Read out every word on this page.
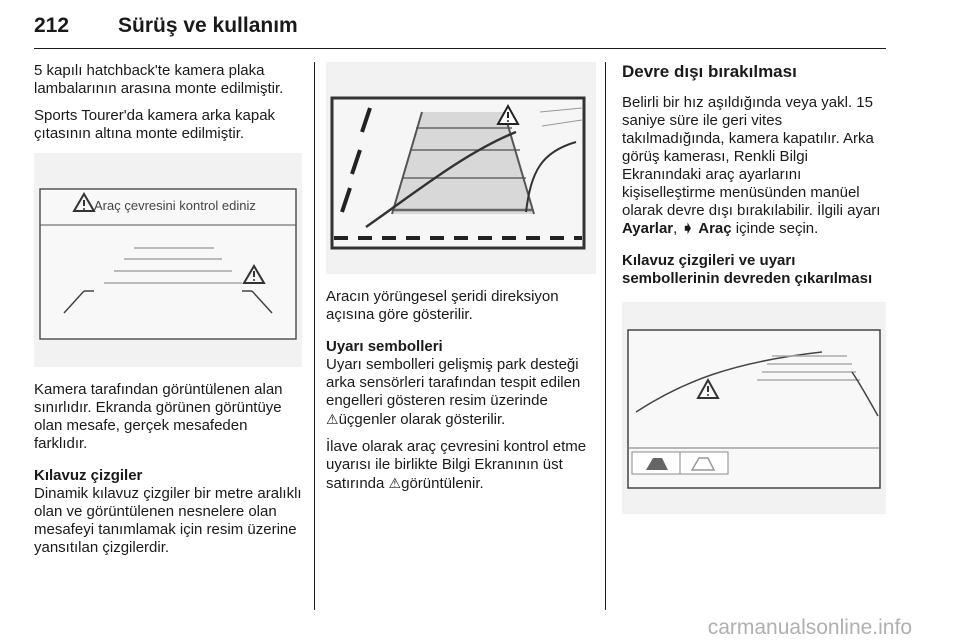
212 Sürüş ve kullanım

5 kapılı hatchback'te kamera plaka lambalarının arasına monte edilmiştir.

Sports Tourer'da kamera arka kapak çıtasının altına monte edilmiştir.

Araç çevresini kontrol ediniz

Kamera tarafından görüntülenen alan sınırlıdır. Ekranda görünen görüntüye olan mesafe, gerçek mesafeden farklıdır.

Kılavuz çizgiler

Dinamik kılavuz çizgiler bir metre aralıklı olan ve görüntülenen nesnelere olan mesafeyi tanımlamak için resim üzerine yansıtılan çizgilerdir.

Aracın yörüngesel şeridi direksiyon açısına göre gösterilir.

Uyarı sembolleri

Uyarı sembolleri gelişmiş park desteği arka sensörleri tarafından tespit edilen engelleri gösteren resim üzerinde ⚠üçgenler olarak gösterilir.

İlave olarak araç çevresini kontrol etme uyarısı ile birlikte Bilgi Ekranının üst satırında ⚠görüntülenir.

Devre dışı bırakılması

Belirli bir hız aşıldığında veya yakl. 15 saniye süre ile geri vites takılmadığında, kamera kapatılır. Arka görüş kamerası, Renkli Bilgi Ekranındaki araç ayarlarını kişiselleştirme menüsünden manüel olarak devre dışı bırakılabilir. İlgili ayarı Ayarlar, ➧ Araç içinde seçin.

Kılavuz çizgileri ve uyarı sembollerinin devreden çıkarılması
carmanualsonline.info
